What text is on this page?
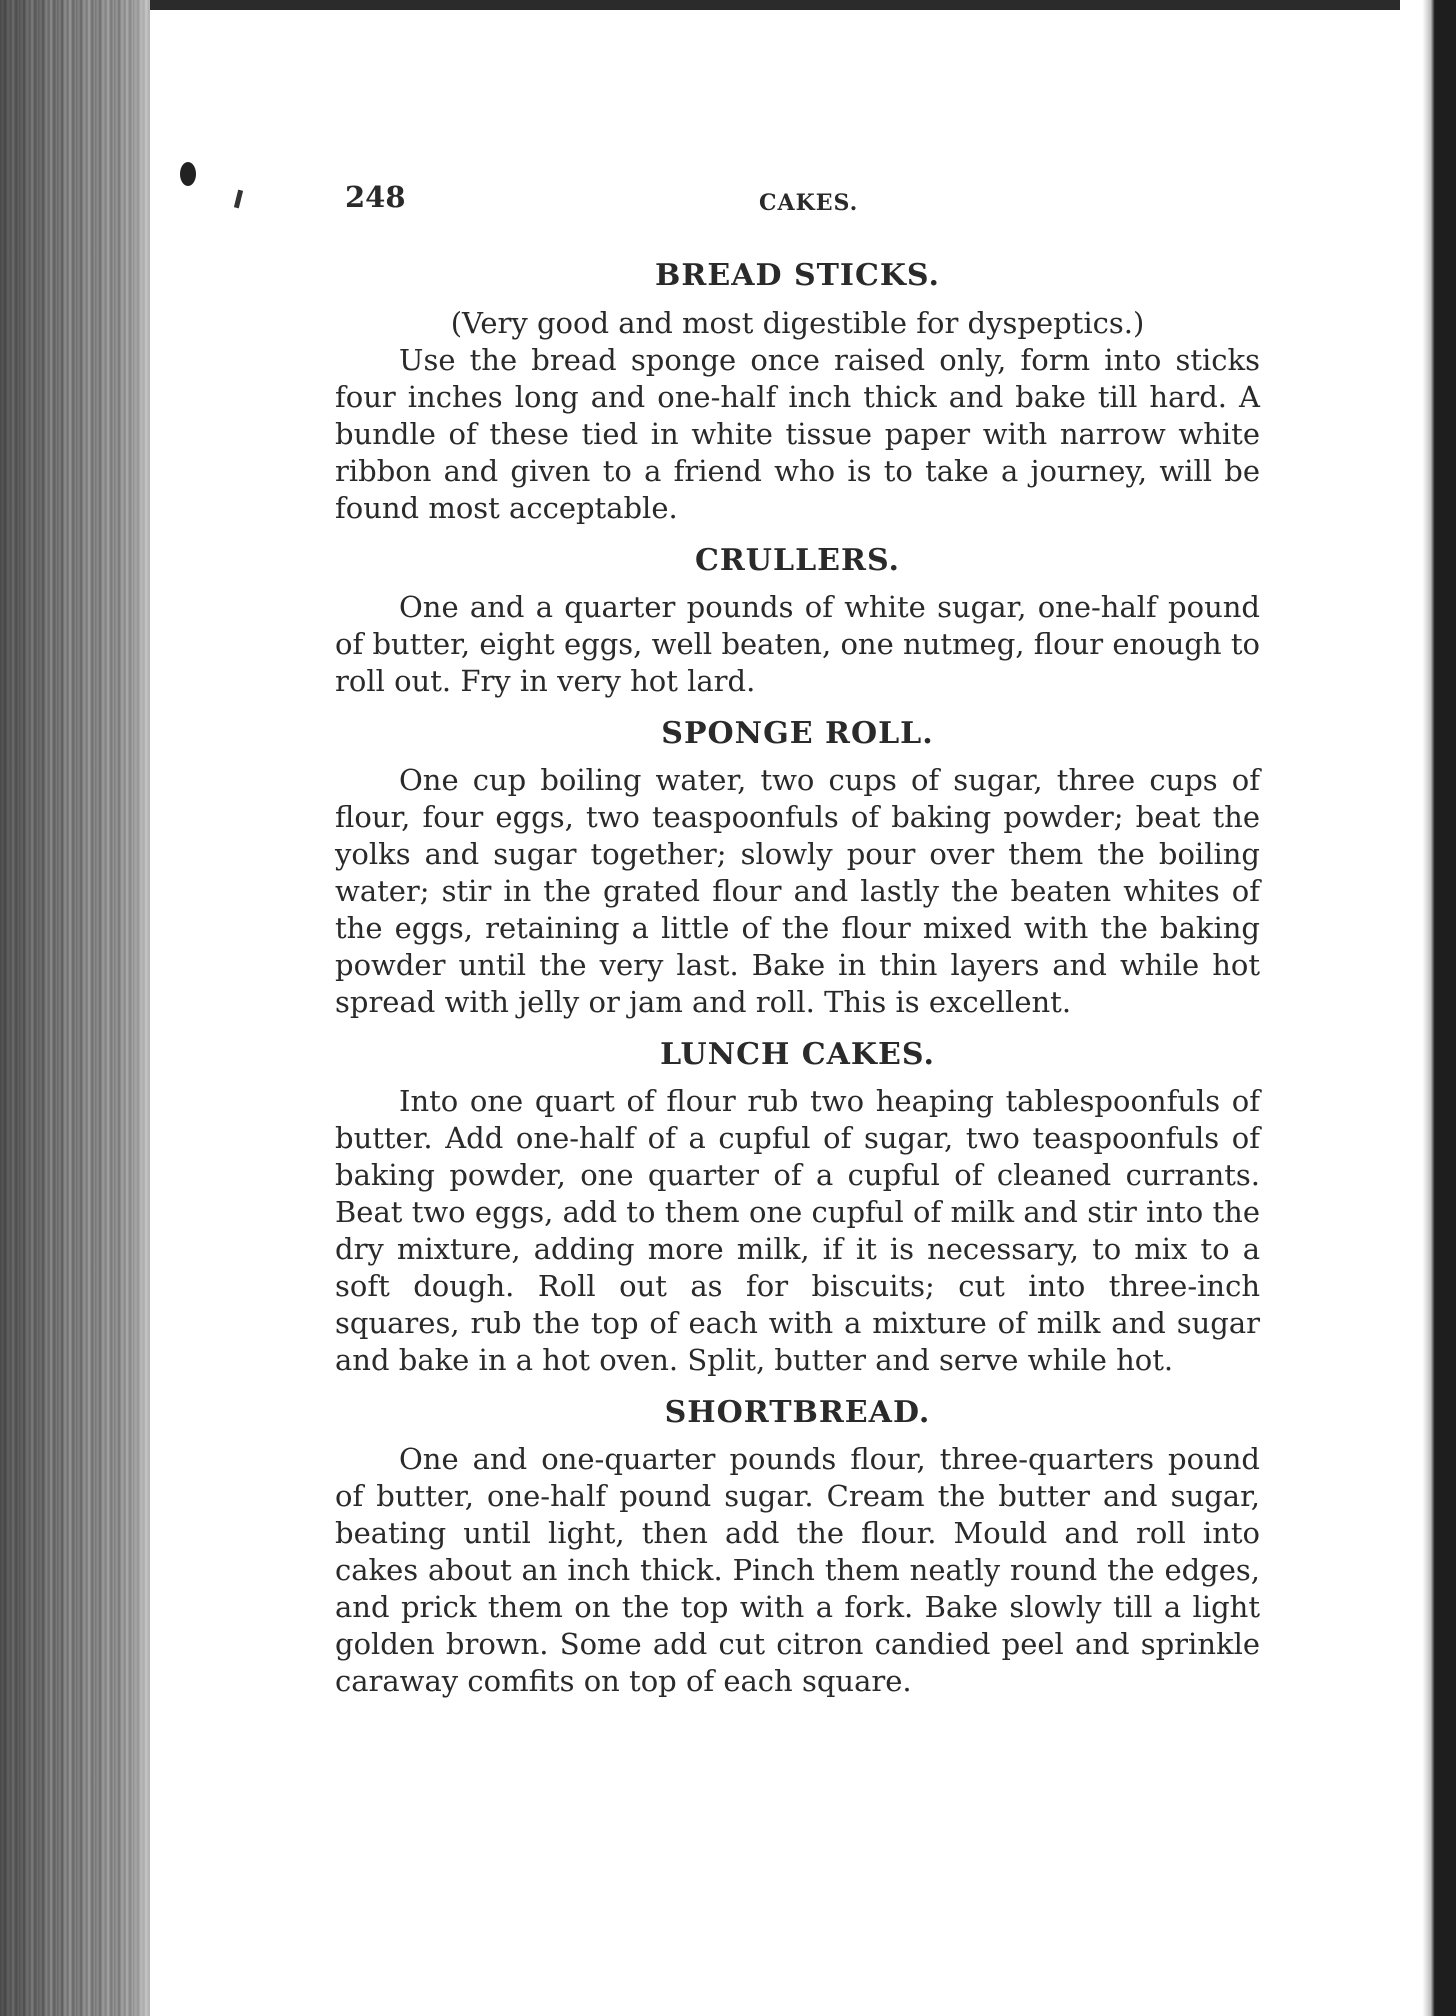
248	CAKES.
BREAD STICKS.

(Very good and most digestible for dyspeptics.)

Use the bread sponge once raised only, form into sticks four inches long and one-half inch thick and bake till hard. A bundle of these tied in white tissue paper with narrow white ribbon and given to a friend who is to take a journey, will be found most acceptable.

CRULLERS.

One and a quarter pounds of white sugar, one-half pound of butter, eight eggs, well beaten, one nutmeg, flour enough to roll out. Fry in very hot lard.

SPONGE ROLL.

One cup boiling water, two cups of sugar, three cups of flour, four eggs, two teaspoonfuls of baking powder; beat the yolks and sugar together; slowly pour over them the boiling water; stir in the grated flour and lastly the beaten whites of the eggs, retaining a little of the flour mixed with the baking powder until the very last. Bake in thin layers and while hot spread with jelly or jam and roll. This is excellent.

LUNCH CAKES.

Into one quart of flour rub two heaping tablespoonfuls of butter. Add one-half of a cupful of sugar, two teaspoonfuls of baking powder, one quarter of a cupful of cleaned currants. Beat two eggs, add to them one cupful of milk and stir into the dry mixture, adding more milk, if it is necessary, to mix to a soft dough. Roll out as for biscuits; cut into three-inch squares, rub the top of each with a mixture of milk and sugar and bake in a hot oven. Split, butter and serve while hot.

SHORTBREAD.

One and one-quarter pounds flour, three-quarters pound of butter, one-half pound sugar. Cream the butter and sugar, beating until light, then add the flour. Mould and roll into cakes about an inch thick. Pinch them neatly round the edges, and prick them on the top with a fork. Bake slowly till a light golden brown. Some add cut citron candied peel and sprinkle caraway comfits on top of each square.
